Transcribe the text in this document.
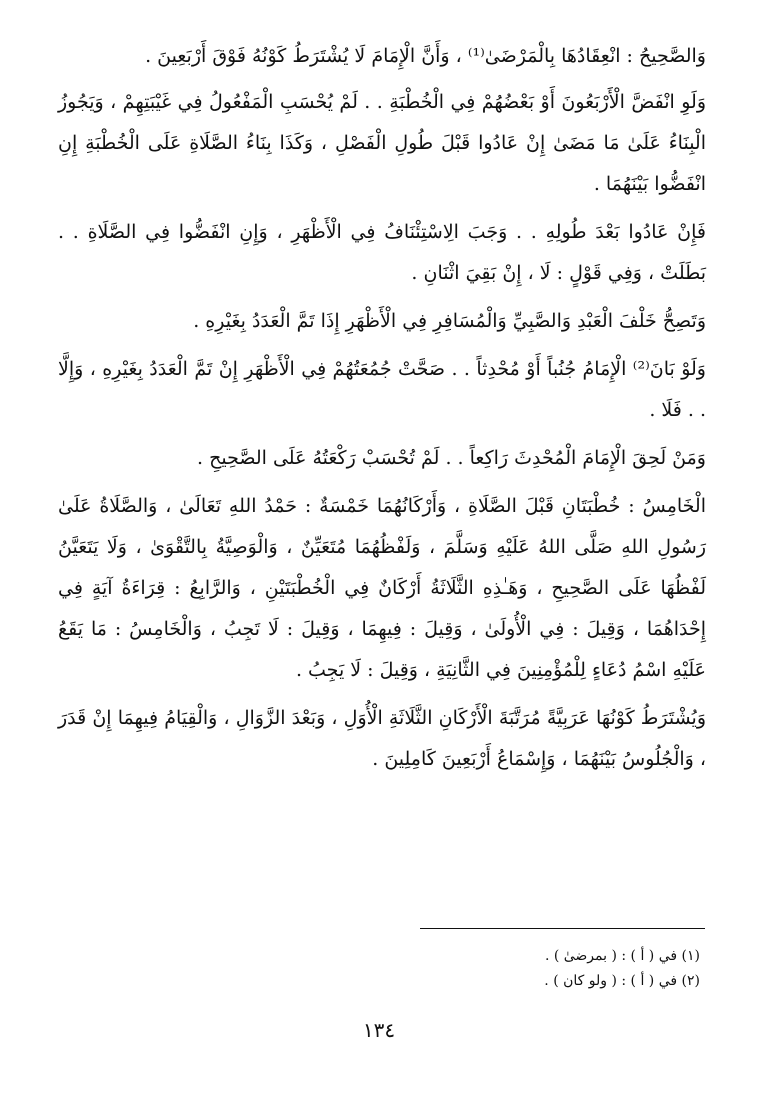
وَالصَّحِيحُ : انْعِقَادُهَا بِالْمَرْضَىٰ⁽¹⁾ ، وَأَنَّ الْإِمَامَ لَا يُشْتَرَطُ كَوْنُهُ فَوْقَ أَرْبَعِينَ .

وَلَوِ انْفَضَّ الْأَرْبَعُونَ أَوْ بَعْضُهُمْ فِي الْخُطْبَةِ . . لَمْ يُحْسَبِ الْمَفْعُولُ فِي غَيْبَتِهِمْ ، وَيَجُوزُ الْبِنَاءُ عَلَىٰ مَا مَضَىٰ إِنْ عَادُوا قَبْلَ طُولِ الْفَصْلِ ، وَكَذَا بِنَاءُ الصَّلَاةِ عَلَى الْخُطْبَةِ إِنِ انْفَضُّوا بَيْنَهُمَا .

فَإِنْ عَادُوا بَعْدَ طُولِهِ . . وَجَبَ الِاسْتِئْنَافُ فِي الْأَظْهَرِ ، وَإِنِ انْفَضُّوا فِي الصَّلَاةِ . . بَطَلَتْ ، وَفِي قَوْلٍ : لَا ، إِنْ بَقِيَ اثْنَانِ .

وَتَصِحُّ خَلْفَ الْعَبْدِ وَالصَّبِيِّ وَالْمُسَافِرِ فِي الْأَظْهَرِ إِذَا تَمَّ الْعَدَدُ بِغَيْرِهِ .

وَلَوْ بَانَ⁽²⁾ الْإِمَامُ جُنُباً أَوْ مُحْدِثاً . . صَحَّتْ جُمُعَتُهُمْ فِي الْأَظْهَرِ إِنْ تَمَّ الْعَدَدُ بِغَيْرِهِ ، وَإِلَّا . . فَلَا .

وَمَنْ لَحِقَ الْإِمَامَ الْمُحْدِثَ رَاكِعاً . . لَمْ تُحْسَبْ رَكْعَتُهُ عَلَى الصَّحِيحِ .

الْخَامِسُ : خُطْبَتَانِ قَبْلَ الصَّلَاةِ ، وَأَرْكَانُهُمَا خَمْسَةٌ : حَمْدُ اللهِ تَعَالَىٰ ، وَالصَّلَاةُ عَلَىٰ رَسُولِ اللهِ صَلَّى اللهُ عَلَيْهِ وَسَلَّمَ ، وَلَفْظُهُمَا مُتَعَيِّنٌ ، وَالْوَصِيَّةُ بِالتَّقْوَىٰ ، وَلَا يَتَعَيَّنُ لَفْظُهَا عَلَى الصَّحِيحِ ، وَهَـٰذِهِ الثَّلَاثَةُ أَرْكَانٌ فِي الْخُطْبَتَيْنِ ، وَالرَّابِعُ : قِرَاءَةُ آيَةٍ فِي إِحْدَاهُمَا ، وَقِيلَ : فِي الْأُولَىٰ ، وَقِيلَ : فِيهِمَا ، وَقِيلَ : لَا تَجِبُ ، وَالْخَامِسُ : مَا يَقَعُ عَلَيْهِ اسْمُ دُعَاءٍ لِلْمُؤْمِنِينَ فِي الثَّانِيَةِ ، وَقِيلَ : لَا يَجِبُ .

وَيُشْتَرَطُ كَوْنُهَا عَرَبِيَّةً مُرَتَّبَةَ الْأَرْكَانِ الثَّلَاثَةِ الْأُوَلِ ، وَبَعْدَ الزَّوَالِ ، وَالْقِيَامُ فِيهِمَا إِنْ قَدَرَ ، وَالْجُلُوسُ بَيْنَهُمَا ، وَإِسْمَاعُ أَرْبَعِينَ كَامِلِينَ .

(١) في ( أ ) : ( بمرضىٰ ) .
(٢) في ( أ ) : ( ولو كان ) .
١٣٤
